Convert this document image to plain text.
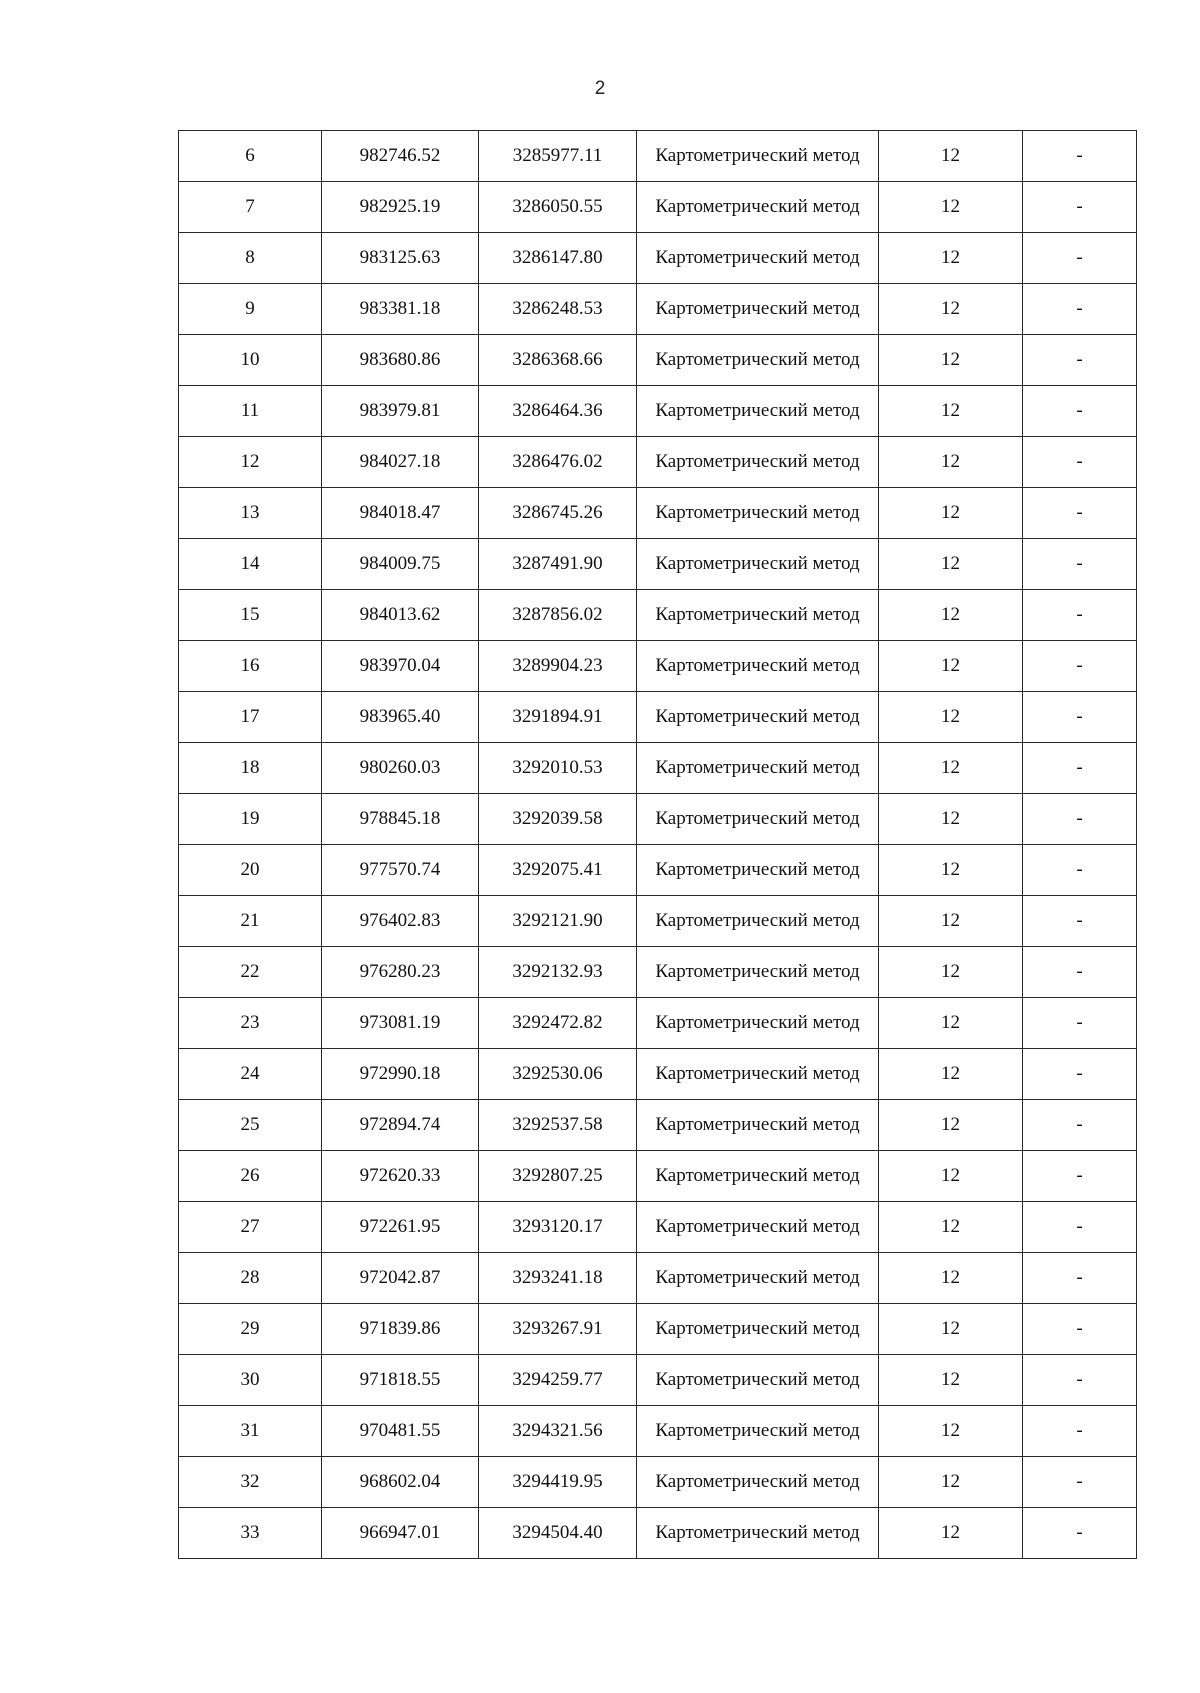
2
6	982746.52	3285977.11	Картометрический метод	12	-
7	982925.19	3286050.55	Картометрический метод	12	-
8	983125.63	3286147.80	Картометрический метод	12	-
9	983381.18	3286248.53	Картометрический метод	12	-
10	983680.86	3286368.66	Картометрический метод	12	-
11	983979.81	3286464.36	Картометрический метод	12	-
12	984027.18	3286476.02	Картометрический метод	12	-
13	984018.47	3286745.26	Картометрический метод	12	-
14	984009.75	3287491.90	Картометрический метод	12	-
15	984013.62	3287856.02	Картометрический метод	12	-
16	983970.04	3289904.23	Картометрический метод	12	-
17	983965.40	3291894.91	Картометрический метод	12	-
18	980260.03	3292010.53	Картометрический метод	12	-
19	978845.18	3292039.58	Картометрический метод	12	-
20	977570.74	3292075.41	Картометрический метод	12	-
21	976402.83	3292121.90	Картометрический метод	12	-
22	976280.23	3292132.93	Картометрический метод	12	-
23	973081.19	3292472.82	Картометрический метод	12	-
24	972990.18	3292530.06	Картометрический метод	12	-
25	972894.74	3292537.58	Картометрический метод	12	-
26	972620.33	3292807.25	Картометрический метод	12	-
27	972261.95	3293120.17	Картометрический метод	12	-
28	972042.87	3293241.18	Картометрический метод	12	-
29	971839.86	3293267.91	Картометрический метод	12	-
30	971818.55	3294259.77	Картометрический метод	12	-
31	970481.55	3294321.56	Картометрический метод	12	-
32	968602.04	3294419.95	Картометрический метод	12	-
33	966947.01	3294504.40	Картометрический метод	12	-
